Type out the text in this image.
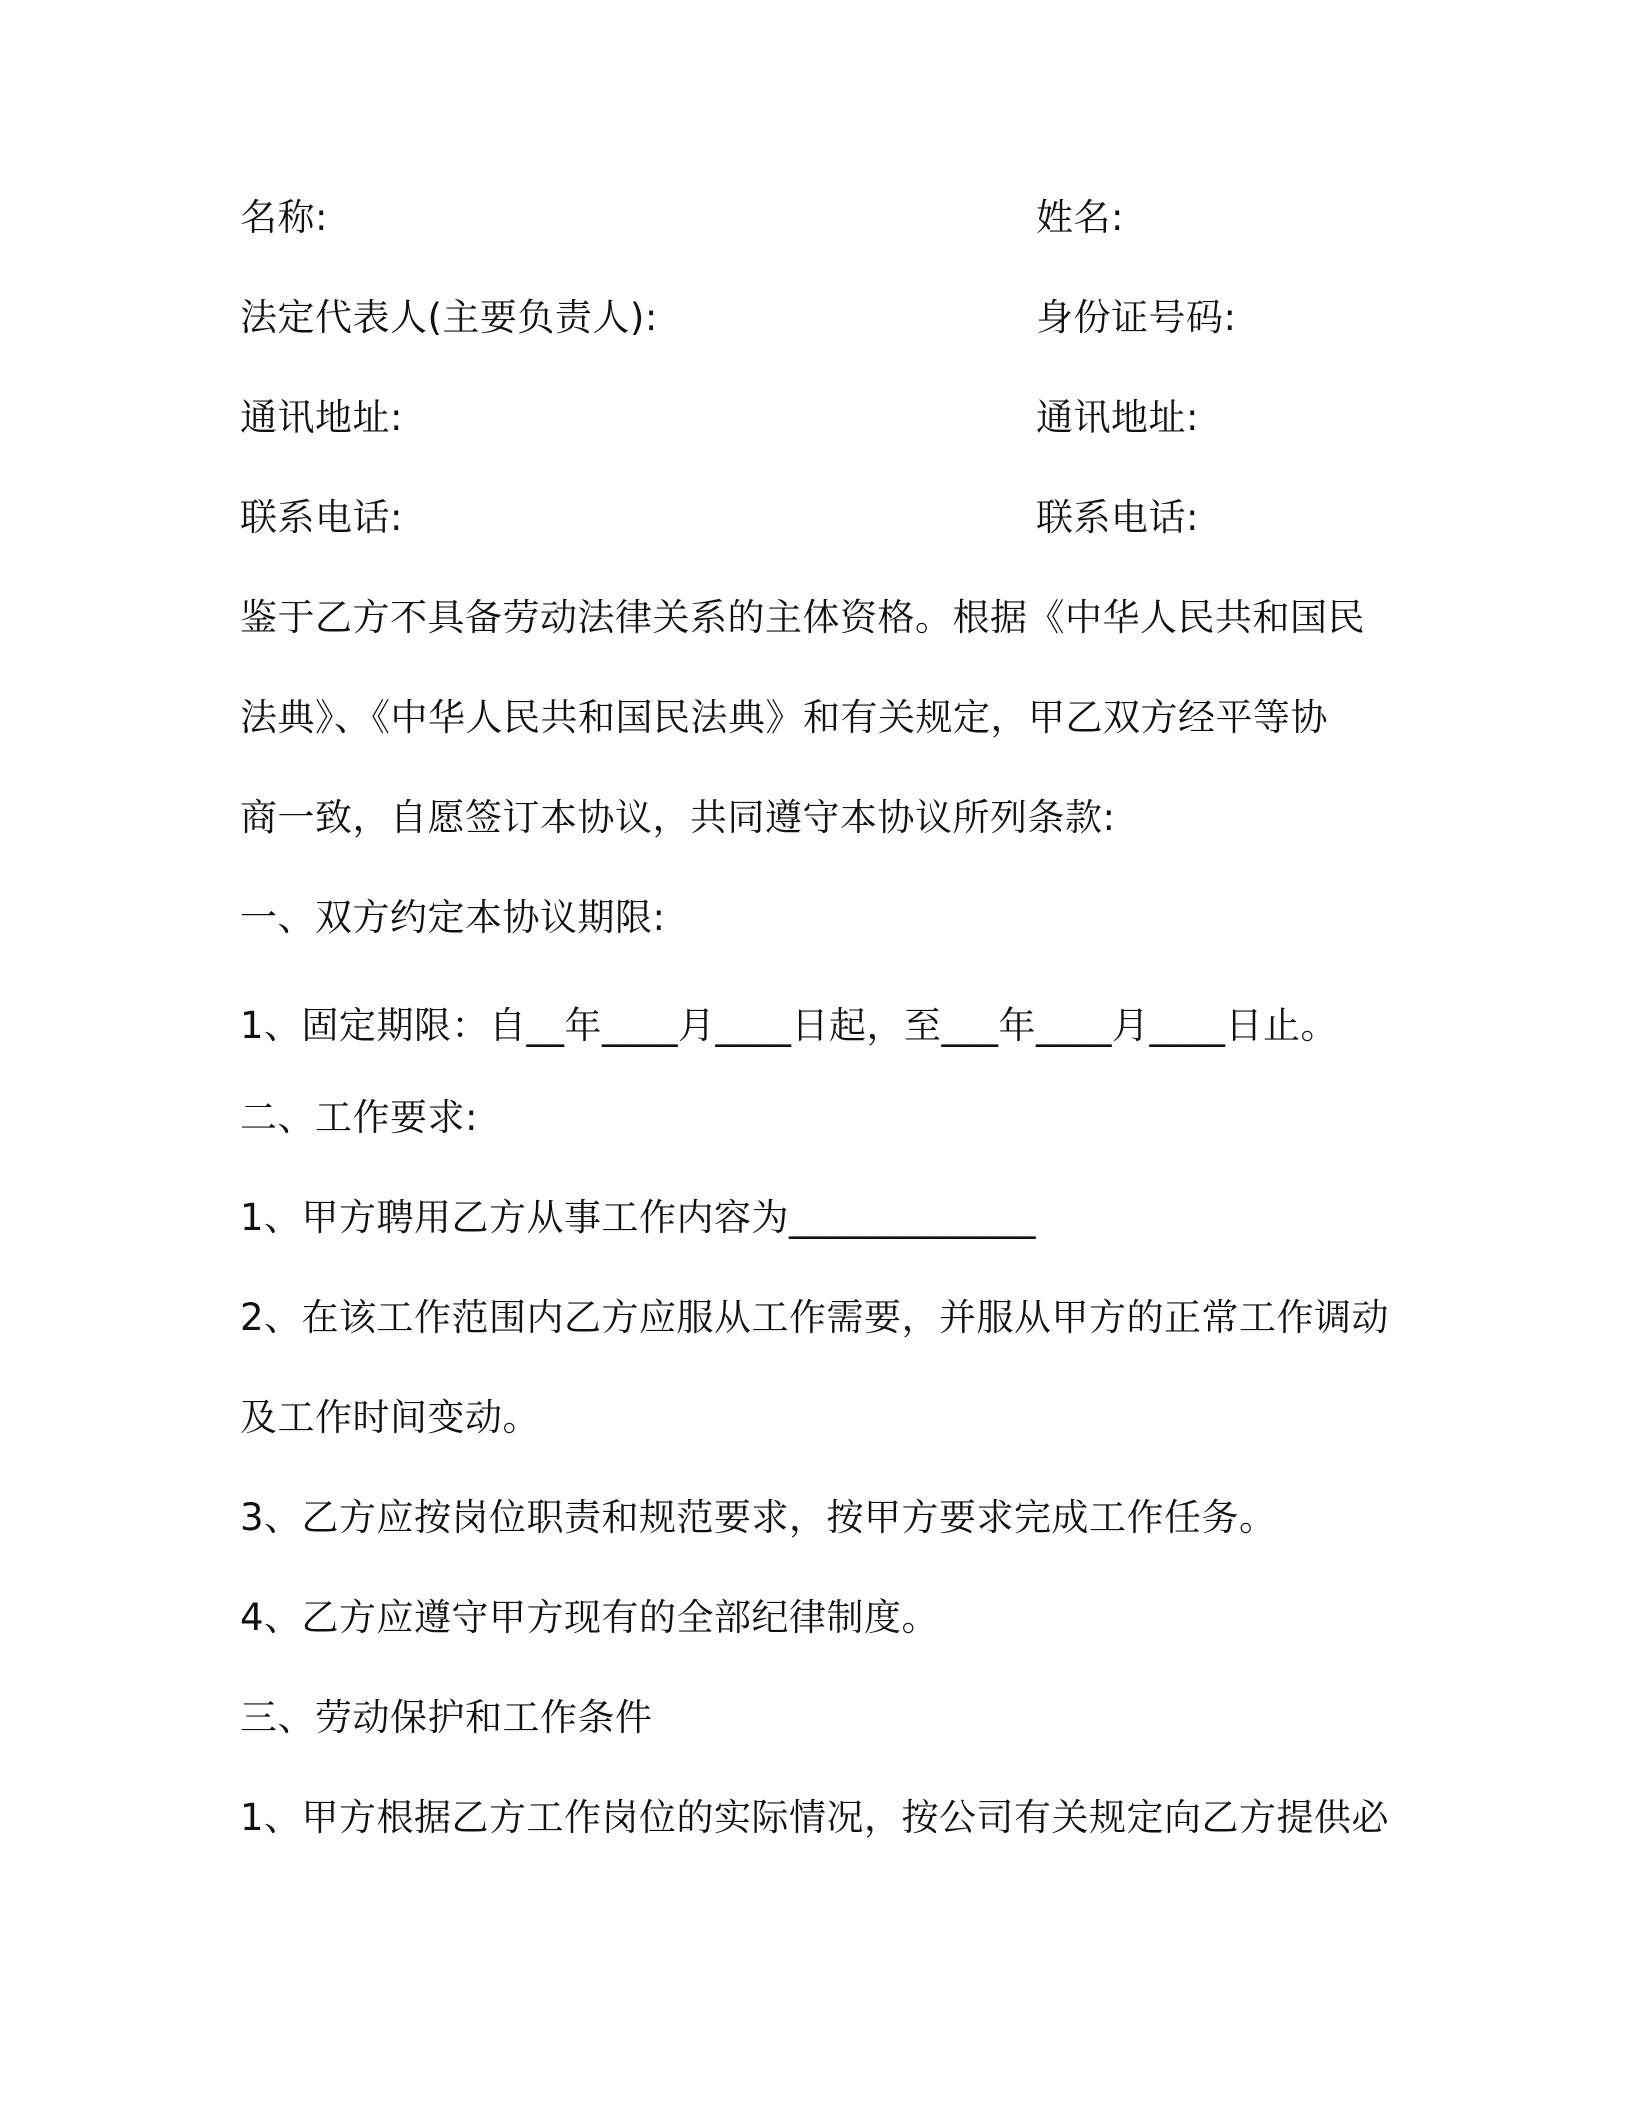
名称:	姓名:
法定代表人(主要负责人):	身份证号码:
通讯地址:	通讯地址:
联系电话:	联系电话:
鉴于乙方不具备劳动法律关系的主体资格。根据《中华人民共和国民
法典》、《中华人民共和国民法典》和有关规定，甲乙双方经平等协
商一致，自愿签订本协议，共同遵守本协议所列条款:
一、双方约定本协议期限:
1、固定期限：自__年____月____日起，至___年____月____日止。
二、工作要求:
1、甲方聘用乙方从事工作内容为_____________
2、在该工作范围内乙方应服从工作需要，并服从甲方的正常工作调动
及工作时间变动。
3、乙方应按岗位职责和规范要求，按甲方要求完成工作任务。
4、乙方应遵守甲方现有的全部纪律制度。
三、劳动保护和工作条件
1、甲方根据乙方工作岗位的实际情况，按公司有关规定向乙方提供必
